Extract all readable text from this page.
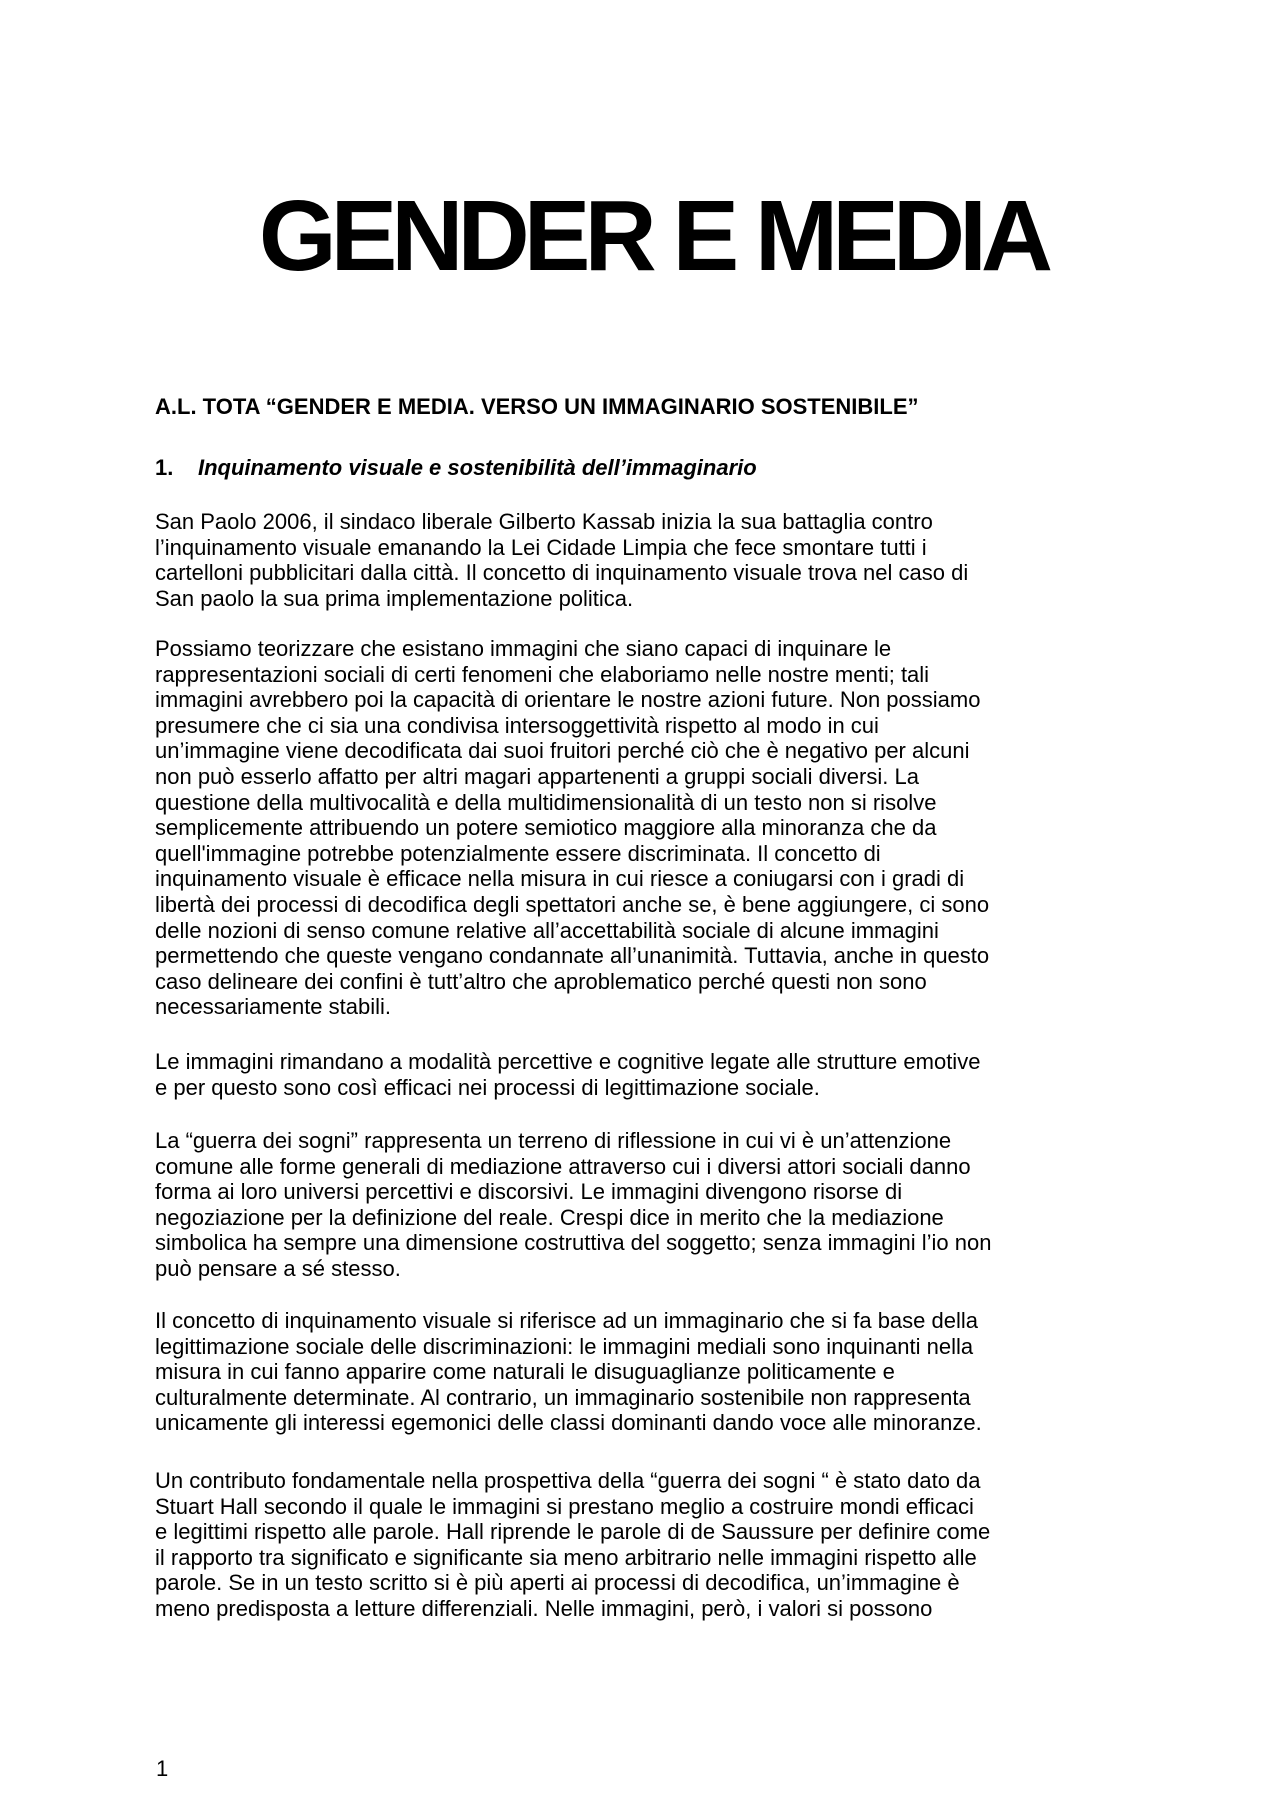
GENDER E MEDIA
A.L. TOTA “GENDER E MEDIA. VERSO UN IMMAGINARIO SOSTENIBILE”
1. Inquinamento visuale e sostenibilità dell’immaginario
San Paolo 2006, il sindaco liberale Gilberto Kassab inizia la sua battaglia contro
l’inquinamento visuale emanando la Lei Cidade Limpia che fece smontare tutti i
cartelloni pubblicitari dalla città. Il concetto di inquinamento visuale trova nel caso di
San paolo la sua prima implementazione politica.
Possiamo teorizzare che esistano immagini che siano capaci di inquinare le
rappresentazioni sociali di certi fenomeni che elaboriamo nelle nostre menti; tali
immagini avrebbero poi la capacità di orientare le nostre azioni future. Non possiamo
presumere che ci sia una condivisa intersoggettività rispetto al modo in cui
un’immagine viene decodificata dai suoi fruitori perché ciò che è negativo per alcuni
non può esserlo affatto per altri magari appartenenti a gruppi sociali diversi. La
questione della multivocalità e della multidimensionalità di un testo non si risolve
semplicemente attribuendo un potere semiotico maggiore alla minoranza che da
quell'immagine potrebbe potenzialmente essere discriminata. Il concetto di
inquinamento visuale è efficace nella misura in cui riesce a coniugarsi con i gradi di
libertà dei processi di decodifica degli spettatori anche se, è bene aggiungere, ci sono
delle nozioni di senso comune relative all’accettabilità sociale di alcune immagini
permettendo che queste vengano condannate all’unanimità. Tuttavia, anche in questo
caso delineare dei confini è tutt’altro che aproblematico perché questi non sono
necessariamente stabili.
Le immagini rimandano a modalità percettive e cognitive legate alle strutture emotive
e per questo sono così efficaci nei processi di legittimazione sociale.
La “guerra dei sogni” rappresenta un terreno di riflessione in cui vi è un’attenzione
comune alle forme generali di mediazione attraverso cui i diversi attori sociali danno
forma ai loro universi percettivi e discorsivi. Le immagini divengono risorse di
negoziazione per la definizione del reale. Crespi dice in merito che la mediazione
simbolica ha sempre una dimensione costruttiva del soggetto; senza immagini l’io non
può pensare a sé stesso.
Il concetto di inquinamento visuale si riferisce ad un immaginario che si fa base della
legittimazione sociale delle discriminazioni: le immagini mediali sono inquinanti nella
misura in cui fanno apparire come naturali le disuguaglianze politicamente e
culturalmente determinate. Al contrario, un immaginario sostenibile non rappresenta
unicamente gli interessi egemonici delle classi dominanti dando voce alle minoranze.
Un contributo fondamentale nella prospettiva della “guerra dei sogni “ è stato dato da
Stuart Hall secondo il quale le immagini si prestano meglio a costruire mondi efficaci
e legittimi rispetto alle parole. Hall riprende le parole di de Saussure per definire come
il rapporto tra significato e significante sia meno arbitrario nelle immagini rispetto alle
parole. Se in un testo scritto si è più aperti ai processi di decodifica, un’immagine è
meno predisposta a letture differenziali. Nelle immagini, però, i valori si possono
1
